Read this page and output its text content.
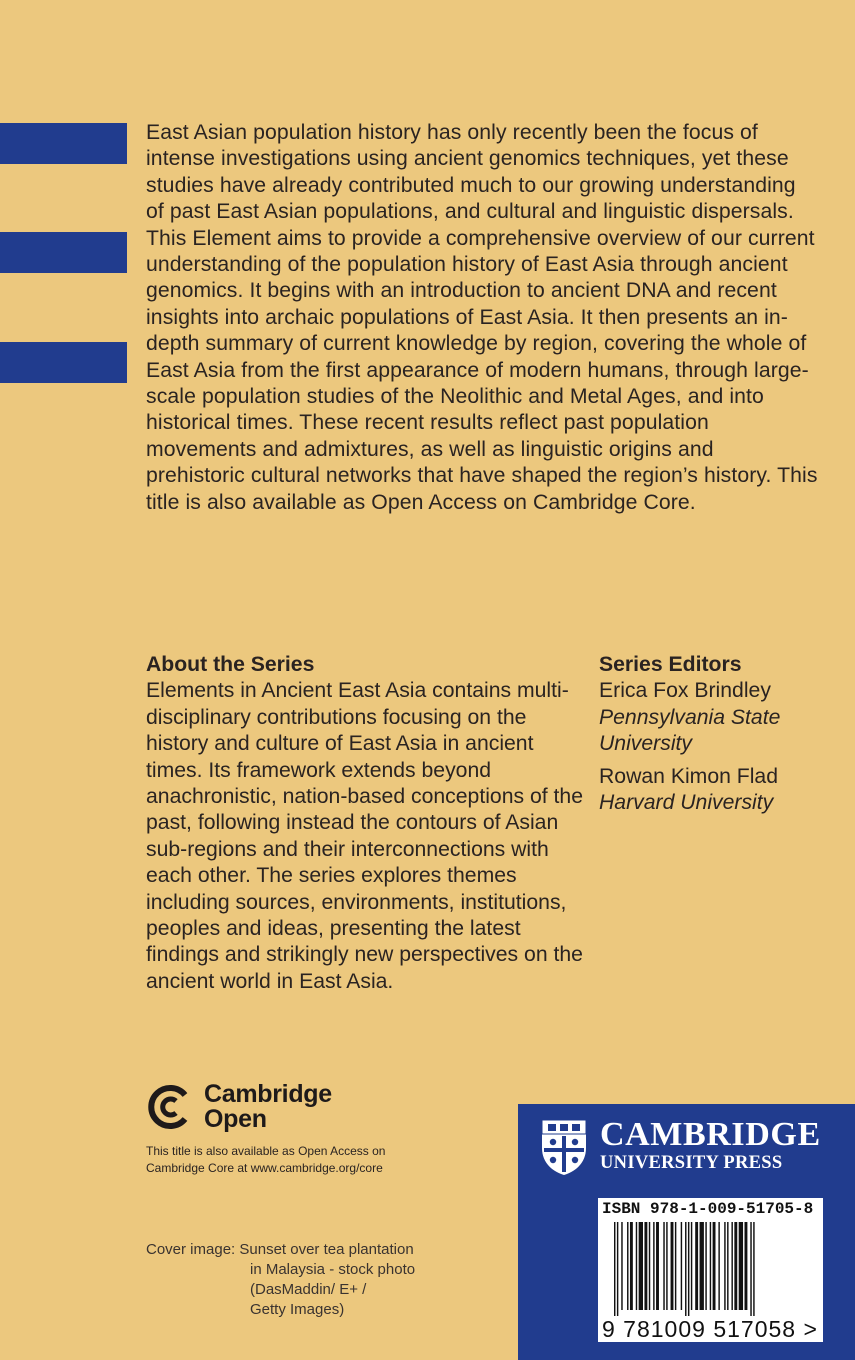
East Asian population history has only recently been the focus of intense investigations using ancient genomics techniques, yet these studies have already contributed much to our growing understanding of past East Asian populations, and cultural and linguistic dispersals. This Element aims to provide a comprehensive overview of our current understanding of the population history of East Asia through ancient genomics. It begins with an introduction to ancient DNA and recent insights into archaic populations of East Asia. It then presents an in-depth summary of current knowledge by region, covering the whole of East Asia from the first appearance of modern humans, through large-scale population studies of the Neolithic and Metal Ages, and into historical times. These recent results reflect past population movements and admixtures, as well as linguistic origins and prehistoric cultural networks that have shaped the region’s history. This title is also available as Open Access on Cambridge Core.

About the Series

Elements in Ancient East Asia contains multi-disciplinary contributions focusing on the history and culture of East Asia in ancient times. Its framework extends beyond anachronistic, nation-based conceptions of the past, following instead the contours of Asian sub-regions and their interconnections with each other. The series explores themes including sources, environments, institutions, peoples and ideas, presenting the latest findings and strikingly new perspectives on the ancient world in East Asia.

Series Editors
Erica Fox Brindley
Pennsylvania State University
Rowan Kimon Flad
Harvard University
Cambridge
Open
This title is also available as Open Access on Cambridge Core at www.cambridge.org/core
Cover image: Sunset over tea plantation
in Malaysia - stock photo
(DasMaddin/ E+ /
Getty Images)
CAMBRIDGE
UNIVERSITY PRESS
ISBN 978-1-009-51705-8
9 781009 517058 >
